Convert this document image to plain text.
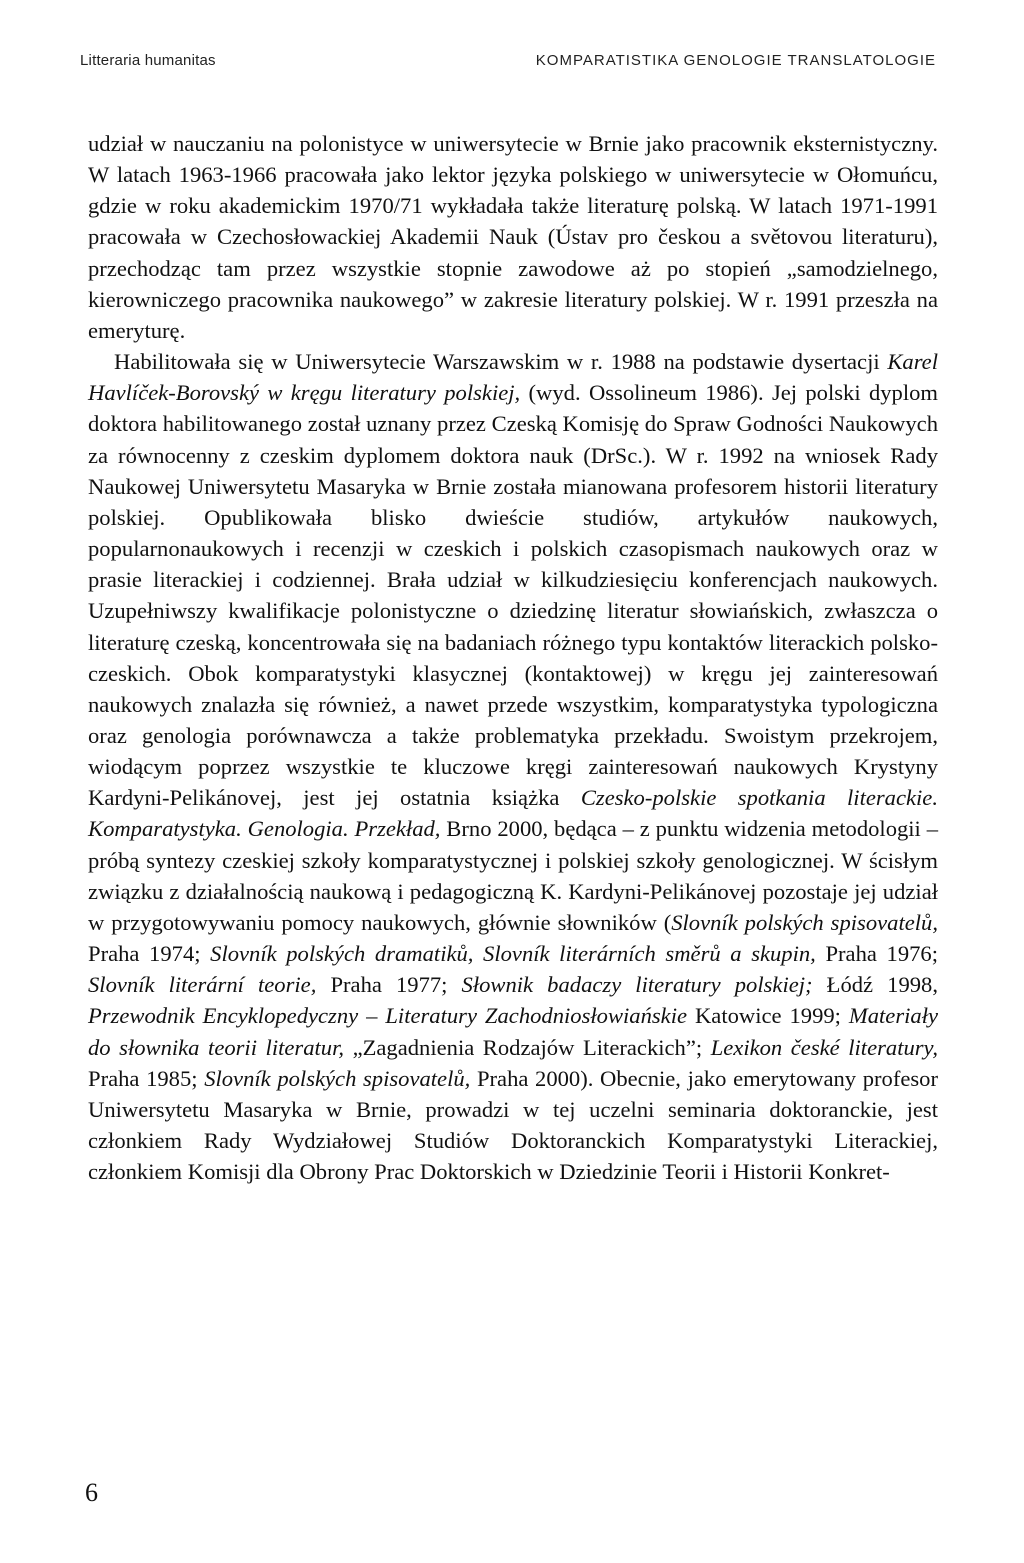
Litteraria humanitas	KOMPARATISTIKA GENOLOGIE TRANSLATOLOGIE

udział w nauczaniu na polonistyce w uniwersytecie w Brnie jako pracownik eksternistyczny. W latach 1963-1966 pracowała jako lektor języka polskiego w uniwersytecie w Ołomuńcu, gdzie w roku akademickim 1970/71 wykładała także literaturę polską. W latach 1971-1991 pracowała w Czechosłowackiej Akademii Nauk (Ústav pro českou a světovou literaturu), przechodząc tam przez wszystkie stopnie zawodowe aż po stopień „samodzielnego, kierowniczego pracownika naukowego” w zakresie literatury polskiej. W r. 1991 przeszła na emeryturę.

Habilitowała się w Uniwersytecie Warszawskim w r. 1988 na podstawie dysertacji Karel Havlíček-Borovský w kręgu literatury polskiej, (wyd. Ossolineum 1986). Jej polski dyplom doktora habilitowanego został uznany przez Czeską Komisję do Spraw Godności Naukowych za równocenny z czeskim dyplomem doktora nauk (DrSc.). W r. 1992 na wniosek Rady Naukowej Uniwersytetu Masaryka w Brnie została mianowana profesorem historii literatury polskiej. Opublikowała blisko dwieście studiów, artykułów naukowych, popularnonaukowych i recenzji w czeskich i polskich czasopismach naukowych oraz w prasie literackiej i codziennej. Brała udział w kilkudziesięciu konferencjach naukowych. Uzupełniwszy kwalifikacje polonistyczne o dziedzinę literatur słowiańskich, zwłaszcza o literaturę czeską, koncentrowała się na badaniach różnego typu kontaktów literackich polsko-czeskich. Obok komparatystyki klasycznej (kontaktowej) w kręgu jej zainteresowań naukowych znalazła się również, a nawet przede wszystkim, komparatystyka typologiczna oraz genologia porównawcza a także problematyka przekładu. Swoistym przekrojem, wiodącym poprzez wszystkie te kluczowe kręgi zainteresowań naukowych Krystyny Kardyni-Pelikánovej, jest jej ostatnia książka Czesko-polskie spotkania literackie. Komparatystyka. Genologia. Przekład, Brno 2000, będąca – z punktu widzenia metodologii – próbą syntezy czeskiej szkoły komparatystycznej i polskiej szkoły genologicznej. W ścisłym związku z działalnością naukową i pedagogiczną K. Kardyni-Pelikánovej pozostaje jej udział w przygotowywaniu pomocy naukowych, głównie słowników (Slovník polských spisovatelů, Praha 1974; Slovník polských dramatiků, Slovník literárních směrů a skupin, Praha 1976; Slovník literární teorie, Praha 1977; Słownik badaczy literatury polskiej; Łódź 1998, Przewodnik Encyklopedyczny – Literatury Zachodniosłowiańskie Katowice 1999; Materiały do słownika teorii literatur, „Zagadnienia Rodzajów Literackich”; Lexikon české literatury, Praha 1985; Slovník polských spisovatelů, Praha 2000). Obecnie, jako emerytowany profesor Uniwersytetu Masaryka w Brnie, prowadzi w tej uczelni seminaria doktoranckie, jest członkiem Rady Wydziałowej Studiów Doktoranckich Komparatystyki Literackiej, członkiem Komisji dla Obrony Prac Doktorskich w Dziedzinie Teorii i Historii Konkret-

6
